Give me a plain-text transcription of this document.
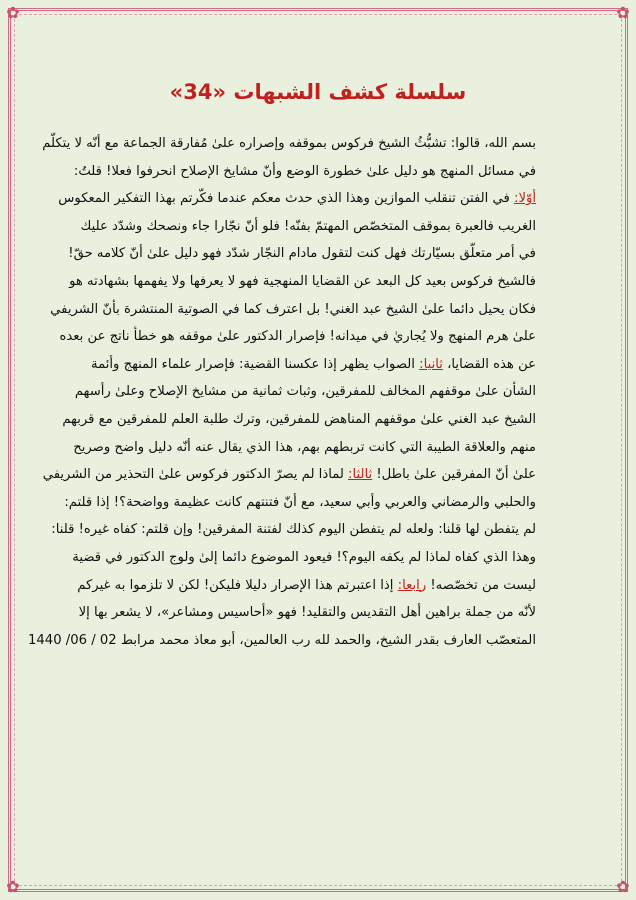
✿	✿
✿	✿
سلسلة كشف الشبهات «34»
بسم الله، قالوا: تشبُّثُ الشيخ فركوس بموقفه وإصراره علىٰ مُفارقة الجماعة مع أنّه لا يتكلّم
في مسائل المنهج هو دليل علىٰ خطورة الوضع وأنّ مشايخ الإصلاح انحرفوا فعلا! قلتُ:
أوّلا: في الفتن تنقلب الموازين وهذا الذي حدث معكم عندما فكّرتم بهذا التفكير المعكوس
الغريب فالعبرة بموقف المتخصّص المهتمّ بفنّه! فلو أنّ نجّارا جاء ونصحك وشدّد عليك
في أمر متعلّق بسيّارتك فهل كنت لتقول مادام النجّار شدّد فهو دليل علىٰ أنّ كلامه حقّ!
فالشيخ فركوس بعيد كل البعد عن القضايا المنهجية فهو لا يعرفها ولا يفهمها بشهادته هو
فكان يحيل دائما علىٰ الشيخ عبد الغني! بل اعترف كما في الصوتية المنتشرة بأنّ الشريفي
علىٰ هرم المنهج ولا يُجاريٰ في ميدانه! فإصرار الدكتور علىٰ موقفه هو خطأ ناتج عن بعده
عن هذه القضايا، ثانيا: الصواب يظهر إذا عكسنا القضية: فإصرار علماء المنهج وأئمة
الشأن علىٰ موقفهم المخالف للمفرقين، وثبات ثمانية من مشايخ الإصلاح وعلىٰ رأسهم
الشيخ عبد الغني علىٰ موقفهم المناهض للمفرقين، وترك طلبة العلم للمفرقين مع قربهم
منهم والعلاقة الطيبة التي كانت تربطهم بهم، هذا الذي يقال عنه أنّه دليل واضح وصريح
علىٰ أنّ المفرقين علىٰ باطل! ثالثا: لماذا لم يصرّ الدكتور فركوس علىٰ التحذير من الشريفي
والحلبي والرمضاني والعربي وأبي سعيد، مع أنّ فتنتهم كانت عظيمة وواضحة؟! إذا قلتم:
لم يتفطن لها قلنا: ولعله لم يتفطن اليوم كذلك لفتنة المفرقين! وإن قلتم: كفاه غيره! قلنا:
وهذا الذي كفاه لماذا لم يكفه اليوم؟! فيعود الموضوع دائما إلىٰ ولوج الدكتور في قضية
ليست من تخصّصه! رابعا: إذا اعتبرتم هذا الإصرار دليلا فليكن! لكن لا تلزموا به غيركم
لأنّه من جملة براهين أهل التقديس والتقليد! فهو «أحاسيس ومشاعر»، لا يشعر بها إلا
المتعصّب العارف بقدر الشيخ، والحمد لله رب العالمين، أبو معاذ محمد مرابط 02 / 06/ 1440
